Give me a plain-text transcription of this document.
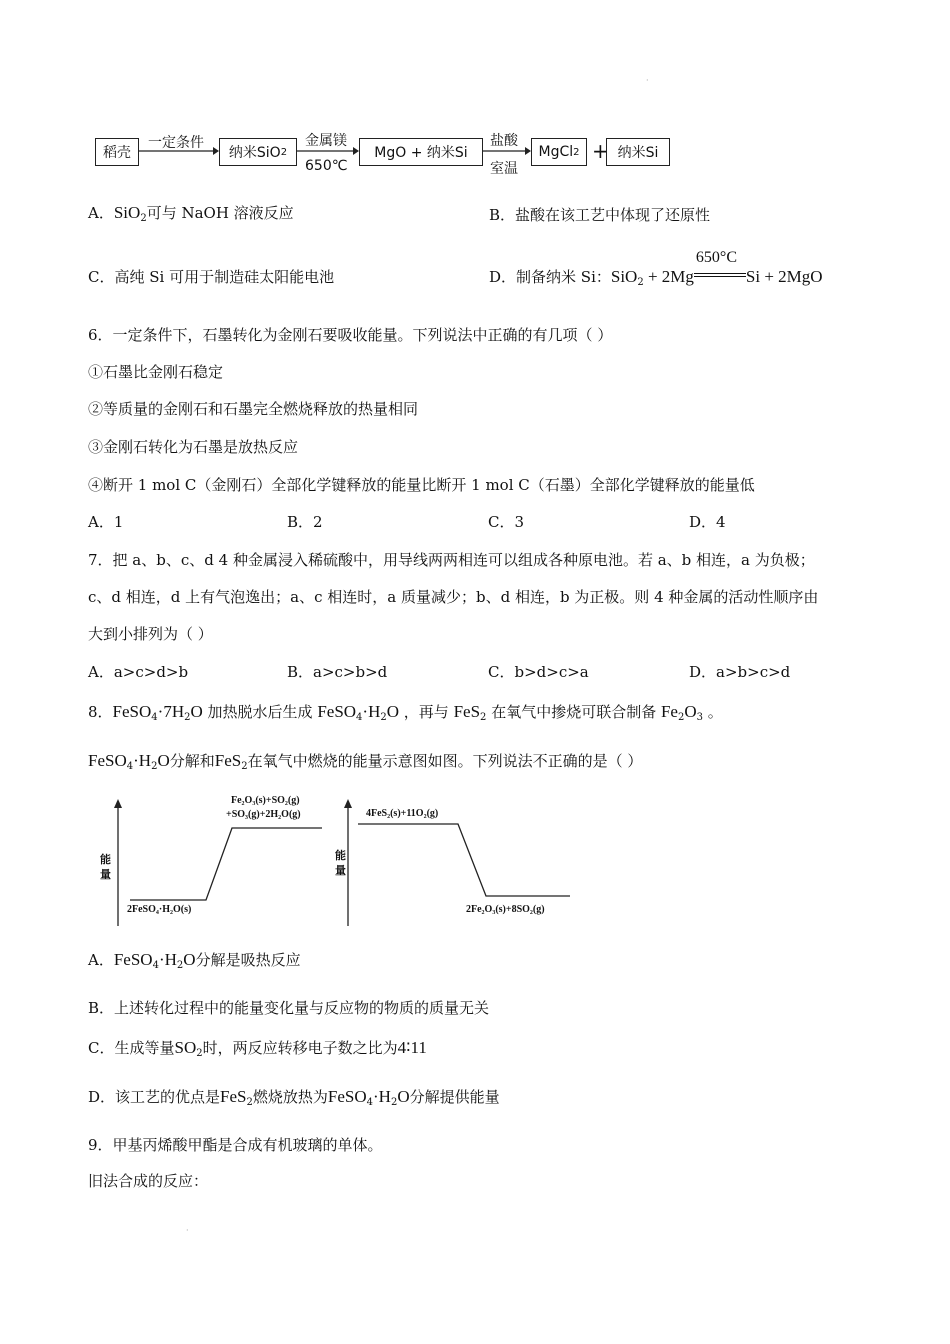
·
·
稻壳
一定条件
纳米SiO 2
金属镁
650℃
MgO + 纳米Si
盐酸
室温
MgCl 2 + 纳米Si
A．SiO$_2$可与 NaOH 溶液反应	B．盐酸在该工艺中体现了还原性
C．高纯 Si 可用于制造硅太阳能电池	D．制备纳米 Si：SiO$_2$ + 2Mg
650°C
Si + 2MgO
6．一定条件下，石墨转化为金刚石要吸收能量。下列说法中正确的有几项（ ）
①石墨比金刚石稳定
②等质量的金刚石和石墨完全燃烧释放的热量相同
③金刚石转化为石墨是放热反应
④断开 1 mol C（金刚石）全部化学键释放的能量比断开 1 mol C（石墨）全部化学键释放的能量低
A．1	B．2	C．3	D．4
7．把 a、b、c、d 4 种金属浸入稀硫酸中，用导线两两相连可以组成各种原电池。若 a、b 相连，a 为负极；
c、d 相连，d 上有气泡逸出；a、c 相连时，a 质量减少；b、d 相连，b 为正极。则 4 种金属的活动性顺序由
大到小排列为（ ）
A．a>c>d>b	B．a>c>b>d	C．b>d>c>a	D．a>b>c>d
8．$FeSO_4\cdot 7H_2O$ 加热脱水后生成 $FeSO_4\cdot H_2O$ ，再与 FeS$_2$ 在氧气中掺烧可联合制备 $Fe_2O_3$ 。
$FeSO_4\cdot H_2O$分解和FeS$_2$在氧气中燃烧的能量示意图如图。下列说法不正确的是（ ）
能
量
Fe₂O₃(s)+SO₂(g)
+SO₃(g)+2H₂O(g)
2FeSO₄·H₂O(s)
能
量
4FeS₂(s)+11O₂(g)
2Fe₂O₃(s)+8SO₂(g)
A．$FeSO_4\cdot H_2O$分解是吸热反应
B．上述转化过程中的能量变化量与反应物的物质的质量无关
C．生成等量$SO_2$时，两反应转移电子数之比为4∶11
D．该工艺的优点是FeS$_2$燃烧放热为$FeSO_4\cdot H_2O$分解提供能量
9．甲基丙烯酸甲酯是合成有机玻璃的单体。
旧法合成的反应：
